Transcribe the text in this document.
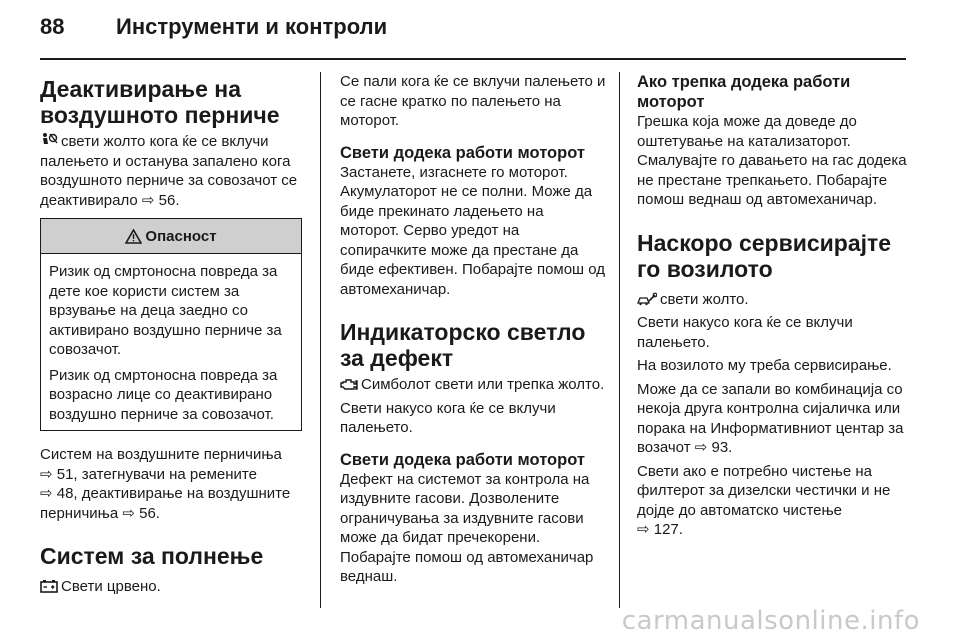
88 Инструменти и контроли
Деактивирање на воздушното перниче

свети жолто кога ќе се вклучи палењето и останува запалено кога воздушното перниче за совозачот се деактивирало ⇨ 56.

Опасност

Ризик од смртоносна повреда за дете кое користи систем за врзување на деца заедно со активирано воздушно перниче за совозачот.

Ризик од смртоносна повреда за возрасно лице со деактивирано воздушно перниче за совозачот.

Систем на воздушните перничиња
⇨ 51, затегнувачи на ремените
⇨ 48, деактивирање на воздушните перничиња ⇨ 56.

Систем за полнење

Свети црвено.

Се пали кога ќе се вклучи палењето и се гасне кратко по палењето на моторот.

Свети додека работи моторот

Застанете, изгаснете го моторот. Акумулаторот не се полни. Може да биде прекинато ладењето на моторот. Серво уредот на сопирачките може да престане да биде ефективен. Побарајте помош од автомеханичар.

Индикаторско светло за дефект

Симболот свети или трепка жолто.

Свети накусо кога ќе се вклучи палењето.

Свети додека работи моторот

Дефект на системот за контрола на издувните гасови. Дозволените ограничувања за издувните гасови може да бидат пречекорени. Побарајте помош од автомеханичар веднаш.

Ако трепка додека работи моторот

Грешка која може да доведе до оштетување на катализаторот. Смалувајте го давањето на гас додека не престане трепкањето. Побарајте помош веднаш од автомеханичар.

Наскоро сервисирајте го возилото

свети жолто.

Свети накусо кога ќе се вклучи палењето.

На возилото му треба сервисирање.

Може да се запали во комбинација со некоја друга контролна сијаличка или порака на Информативниот центар за возачот ⇨ 93.

Свети ако е потребно чистење на филтерот за дизелски честички и не дојде до автоматско чистење
⇨ 127.

carmanualsonline.info
